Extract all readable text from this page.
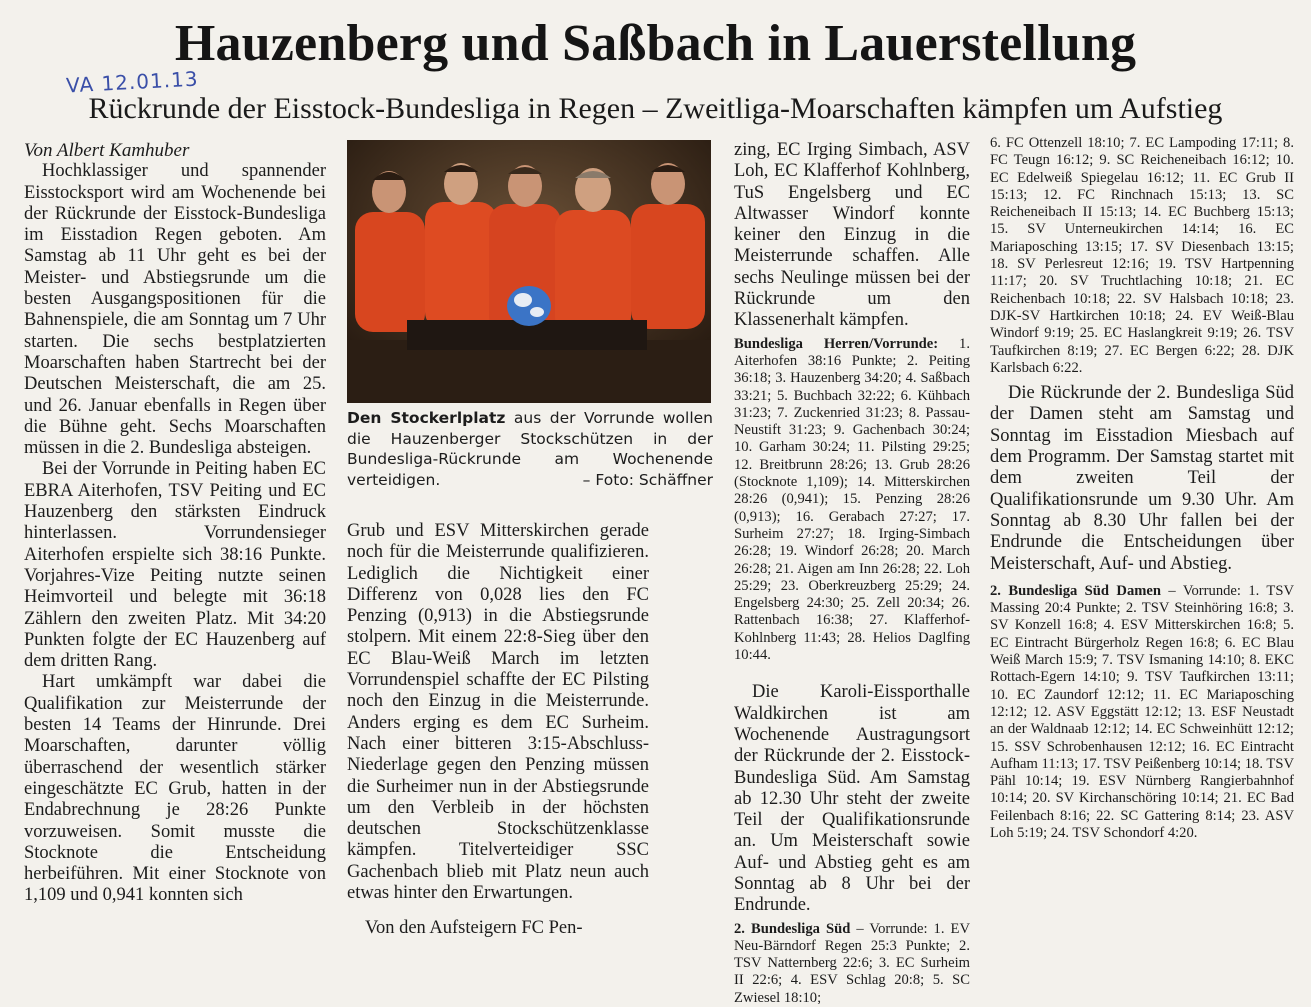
Hauzenberg und Saßbach in Lauerstellung
VA 12.01.13
Rückrunde der Eisstock-Bundesliga in Regen – Zweitliga-Moarschaften kämpfen um Aufstieg

Von Albert Kamhuber

Hochklassiger und spannender Eisstocksport wird am Wochenende bei der Rückrunde der Eisstock-Bundesliga im Eisstadion Regen geboten. Am Samstag ab 11 Uhr geht es bei der Meister- und Abstiegsrunde um die besten Ausgangspositionen für die Bahnenspiele, die am Sonntag um 7 Uhr starten. Die sechs bestplatzierten Moarschaften haben Startrecht bei der Deutschen Meisterschaft, die am 25. und 26. Januar ebenfalls in Regen über die Bühne geht. Sechs Moarschaften müssen in die 2. Bundesliga absteigen.

Bei der Vorrunde in Peiting haben EC EBRA Aiterhofen, TSV Peiting und EC Hauzenberg den stärksten Eindruck hinterlassen. Vorrundensieger Aiterhofen erspielte sich 38:16 Punkte. Vorjahres-Vize Peiting nutzte seinen Heimvorteil und belegte mit 36:18 Zählern den zweiten Platz. Mit 34:20 Punkten folgte der EC Hauzenberg auf dem dritten Rang.

Hart umkämpft war dabei die Qualifikation zur Meisterrunde der besten 14 Teams der Hinrunde. Drei Moarschaften, darunter völlig überraschend der wesentlich stärker eingeschätzte EC Grub, hatten in der Endabrechnung je 28:26 Punkte vorzuweisen. Somit musste die Stocknote die Entscheidung herbeiführen. Mit einer Stocknote von 1,109 und 0,941 konnten sich

Den Stockerlplatz aus der Vorrunde wollen die Hauzenberger Stockschützen in der Bundesliga-Rückrunde am Wochenende verteidigen.	– Foto: Schäffner

Grub und ESV Mitterskirchen gerade noch für die Meisterrunde qualifizieren. Lediglich die Nichtigkeit einer Differenz von 0,028 lies den FC Penzing (0,913) in die Abstiegsrunde stolpern. Mit einem 22:8-Sieg über den EC Blau-Weiß March im letzten Vorrundenspiel schaffte der EC Pilsting noch den Einzug in die Meisterrunde. Anders erging es dem EC Surheim. Nach einer bitteren 3:15-Abschluss-Niederlage gegen den Penzing müssen die Surheimer nun in der Abstiegsrunde um den Verbleib in der höchsten deutschen Stockschützenklasse kämpfen. Titelverteidiger SSC Gachenbach blieb mit Platz neun auch etwas hinter den Erwartungen.

Von den Aufsteigern FC Pen-

zing, EC Irging Simbach, ASV Loh, EC Klafferhof Kohlnberg, TuS Engelsberg und EC Altwasser Windorf konnte keiner den Einzug in die Meisterrunde schaffen. Alle sechs Neulinge müssen bei der Rückrunde um den Klassenerhalt kämpfen.

Bundesliga Herren/Vorrunde: 1. Aiterhofen 38:16 Punkte; 2. Peiting 36:18; 3. Hauzenberg 34:20; 4. Saßbach 33:21; 5. Buchbach 32:22; 6. Kühbach 31:23; 7. Zuckenried 31:23; 8. Passau-Neustift 31:23; 9. Gachenbach 30:24; 10. Garham 30:24; 11. Pilsting 29:25; 12. Breitbrunn 28:26; 13. Grub 28:26 (Stocknote 1,109); 14. Mitterskirchen 28:26 (0,941); 15. Penzing 28:26 (0,913); 16. Gerabach 27:27; 17. Surheim 27:27; 18. Irging-Simbach 26:28; 19. Windorf 26:28; 20. March 26:28; 21. Aigen am Inn 26:28; 22. Loh 25:29; 23. Oberkreuzberg 25:29; 24. Engelsberg 24:30; 25. Zell 20:34; 26. Rattenbach 16:38; 27. Klafferhof-Kohlnberg 11:43; 28. Helios Daglfing 10:44.

Die Karoli-Eissporthalle Waldkirchen ist am Wochenende Austragungsort der Rückrunde der 2. Eisstock-Bundesliga Süd. Am Samstag ab 12.30 Uhr steht der zweite Teil der Qualifikationsrunde an. Um Meisterschaft sowie Auf- und Abstieg geht es am Sonntag ab 8 Uhr bei der Endrunde.

2. Bundesliga Süd – Vorrunde: 1. EV Neu-Bärndorf Regen 25:3 Punkte; 2. TSV Natternberg 22:6; 3. EC Surheim II 22:6; 4. ESV Schlag 20:8; 5. SC Zwiesel 18:10;

6. FC Ottenzell 18:10; 7. EC Lampoding 17:11; 8. FC Teugn 16:12; 9. SC Reicheneibach 16:12; 10. EC Edelweiß Spiegelau 16:12; 11. EC Grub II 15:13; 12. FC Rinchnach 15:13; 13. SC Reicheneibach II 15:13; 14. EC Buchberg 15:13; 15. SV Unterneukirchen 14:14; 16. EC Mariaposching 13:15; 17. SV Diesenbach 13:15; 18. SV Perlesreut 12:16; 19. TSV Hartpenning 11:17; 20. SV Truchtlaching 10:18; 21. EC Reichenbach 10:18; 22. SV Halsbach 10:18; 23. DJK-SV Hartkirchen 10:18; 24. EV Weiß-Blau Windorf 9:19; 25. EC Haslangkreit 9:19; 26. TSV Taufkirchen 8:19; 27. EC Bergen 6:22; 28. DJK Karlsbach 6:22.

Die Rückrunde der 2. Bundesliga Süd der Damen steht am Samstag und Sonntag im Eisstadion Miesbach auf dem Programm. Der Samstag startet mit dem zweiten Teil der Qualifikationsrunde um 9.30 Uhr. Am Sonntag ab 8.30 Uhr fallen bei der Endrunde die Entscheidungen über Meisterschaft, Auf- und Abstieg.

2. Bundesliga Süd Damen – Vorrunde: 1. TSV Massing 20:4 Punkte; 2. TSV Steinhöring 16:8; 3. SV Konzell 16:8; 4. ESV Mitterskirchen 16:8; 5. EC Eintracht Bürgerholz Regen 16:8; 6. EC Blau Weiß March 15:9; 7. TSV Ismaning 14:10; 8. EKC Rottach-Egern 14:10; 9. TSV Taufkirchen 13:11; 10. EC Zaundorf 12:12; 11. EC Mariaposching 12:12; 12. ASV Eggstätt 12:12; 13. ESF Neustadt an der Waldnaab 12:12; 14. EC Schweinhütt 12:12; 15. SSV Schrobenhausen 12:12; 16. EC Eintracht Aufham 11:13; 17. TSV Peißenberg 10:14; 18. TSV Pähl 10:14; 19. ESV Nürnberg Rangierbahnhof 10:14; 20. SV Kirchanschöring 10:14; 21. EC Bad Feilenbach 8:16; 22. SC Gattering 8:14; 23. ASV Loh 5:19; 24. TSV Schondorf 4:20.
